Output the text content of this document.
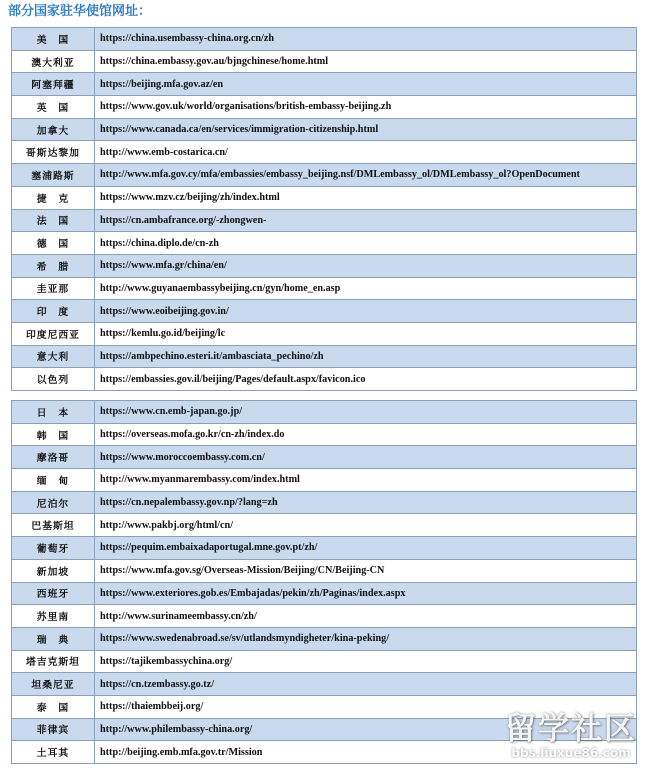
部分国家驻华使馆网址：
美　国	https://china.usembassy-china.org.cn/zh
澳大利亚	https://china.embassy.gov.au/bjngchinese/home.html
阿塞拜疆	https://beijing.mfa.gov.az/en
英　国	https://www.gov.uk/world/organisations/british-embassy-beijing.zh
加拿大	https://www.canada.ca/en/services/immigration-citizenship.html
哥斯达黎加	http://www.emb-costarica.cn/
塞浦路斯	http://www.mfa.gov.cy/mfa/embassies/embassy_beijing.nsf/DMLembassy_ol/DMLembassy_ol?OpenDocument
捷　克	https://www.mzv.cz/beijing/zh/index.html
法　国	https://cn.ambafrance.org/-zhongwen-
德　国	https://china.diplo.de/cn-zh
希　腊	https://www.mfa.gr/china/en/
圭亚那	http://www.guyanaembassybeijing.cn/gyn/home_en.asp
印　度	https://www.eoibeijing.gov.in/
印度尼西亚	https://kemlu.go.id/beijing/lc
意大利	https://ambpechino.esteri.it/ambasciata_pechino/zh
以色列	https://embassies.gov.il/beijing/Pages/default.aspx/favicon.ico
日　本	https://www.cn.emb-japan.go.jp/
韩　国	https://overseas.mofa.go.kr/cn-zh/index.do
摩洛哥	https://www.moroccoembassy.com.cn/
缅　甸	http://www.myanmarembassy.com/index.html
尼泊尔	https://cn.nepalembassy.gov.np/?lang=zh
巴基斯坦	http://www.pakbj.org/html/cn/
葡萄牙	https://pequim.embaixadaportugal.mne.gov.pt/zh/
新加坡	https://www.mfa.gov.sg/Overseas-Mission/Beijing/CN/Beijing-CN
西班牙	https://www.exteriores.gob.es/Embajadas/pekin/zh/Paginas/index.aspx
苏里南	http://www.surinameembassy.cn/zh/
瑞　典	https://www.swedenabroad.se/sv/utlandsmyndigheter/kina-peking/
塔吉克斯坦	https://tajikembassychina.org/
坦桑尼亚	https://cn.tzembassy.go.tz/
泰　国	https://thaiembbeij.org/
菲律宾	http://www.philembassy-china.org/
土耳其	http://beijing.emb.mfa.gov.tr/Mission
留学社区
bbs.liuxue86.com
